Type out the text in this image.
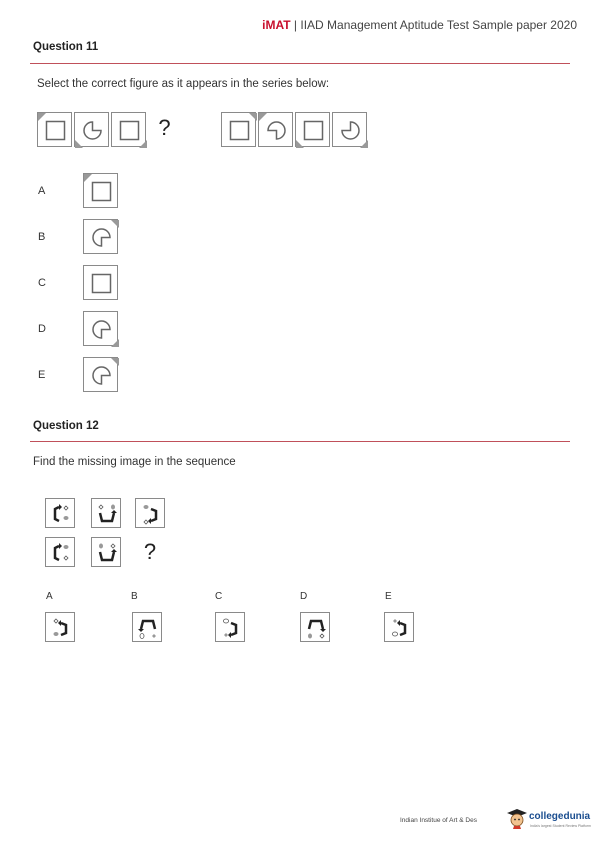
iMAT | IIAD Management Aptitude Test Sample paper 2020
Question 11
Select the correct figure as it appears in the series below:
?
A
B
C
D
E
Question 12
Find the missing image in the sequence
?
A	B	C	D	E
Indian Institue of Art & Des	collegedunia
India's largest Student Review Platform
